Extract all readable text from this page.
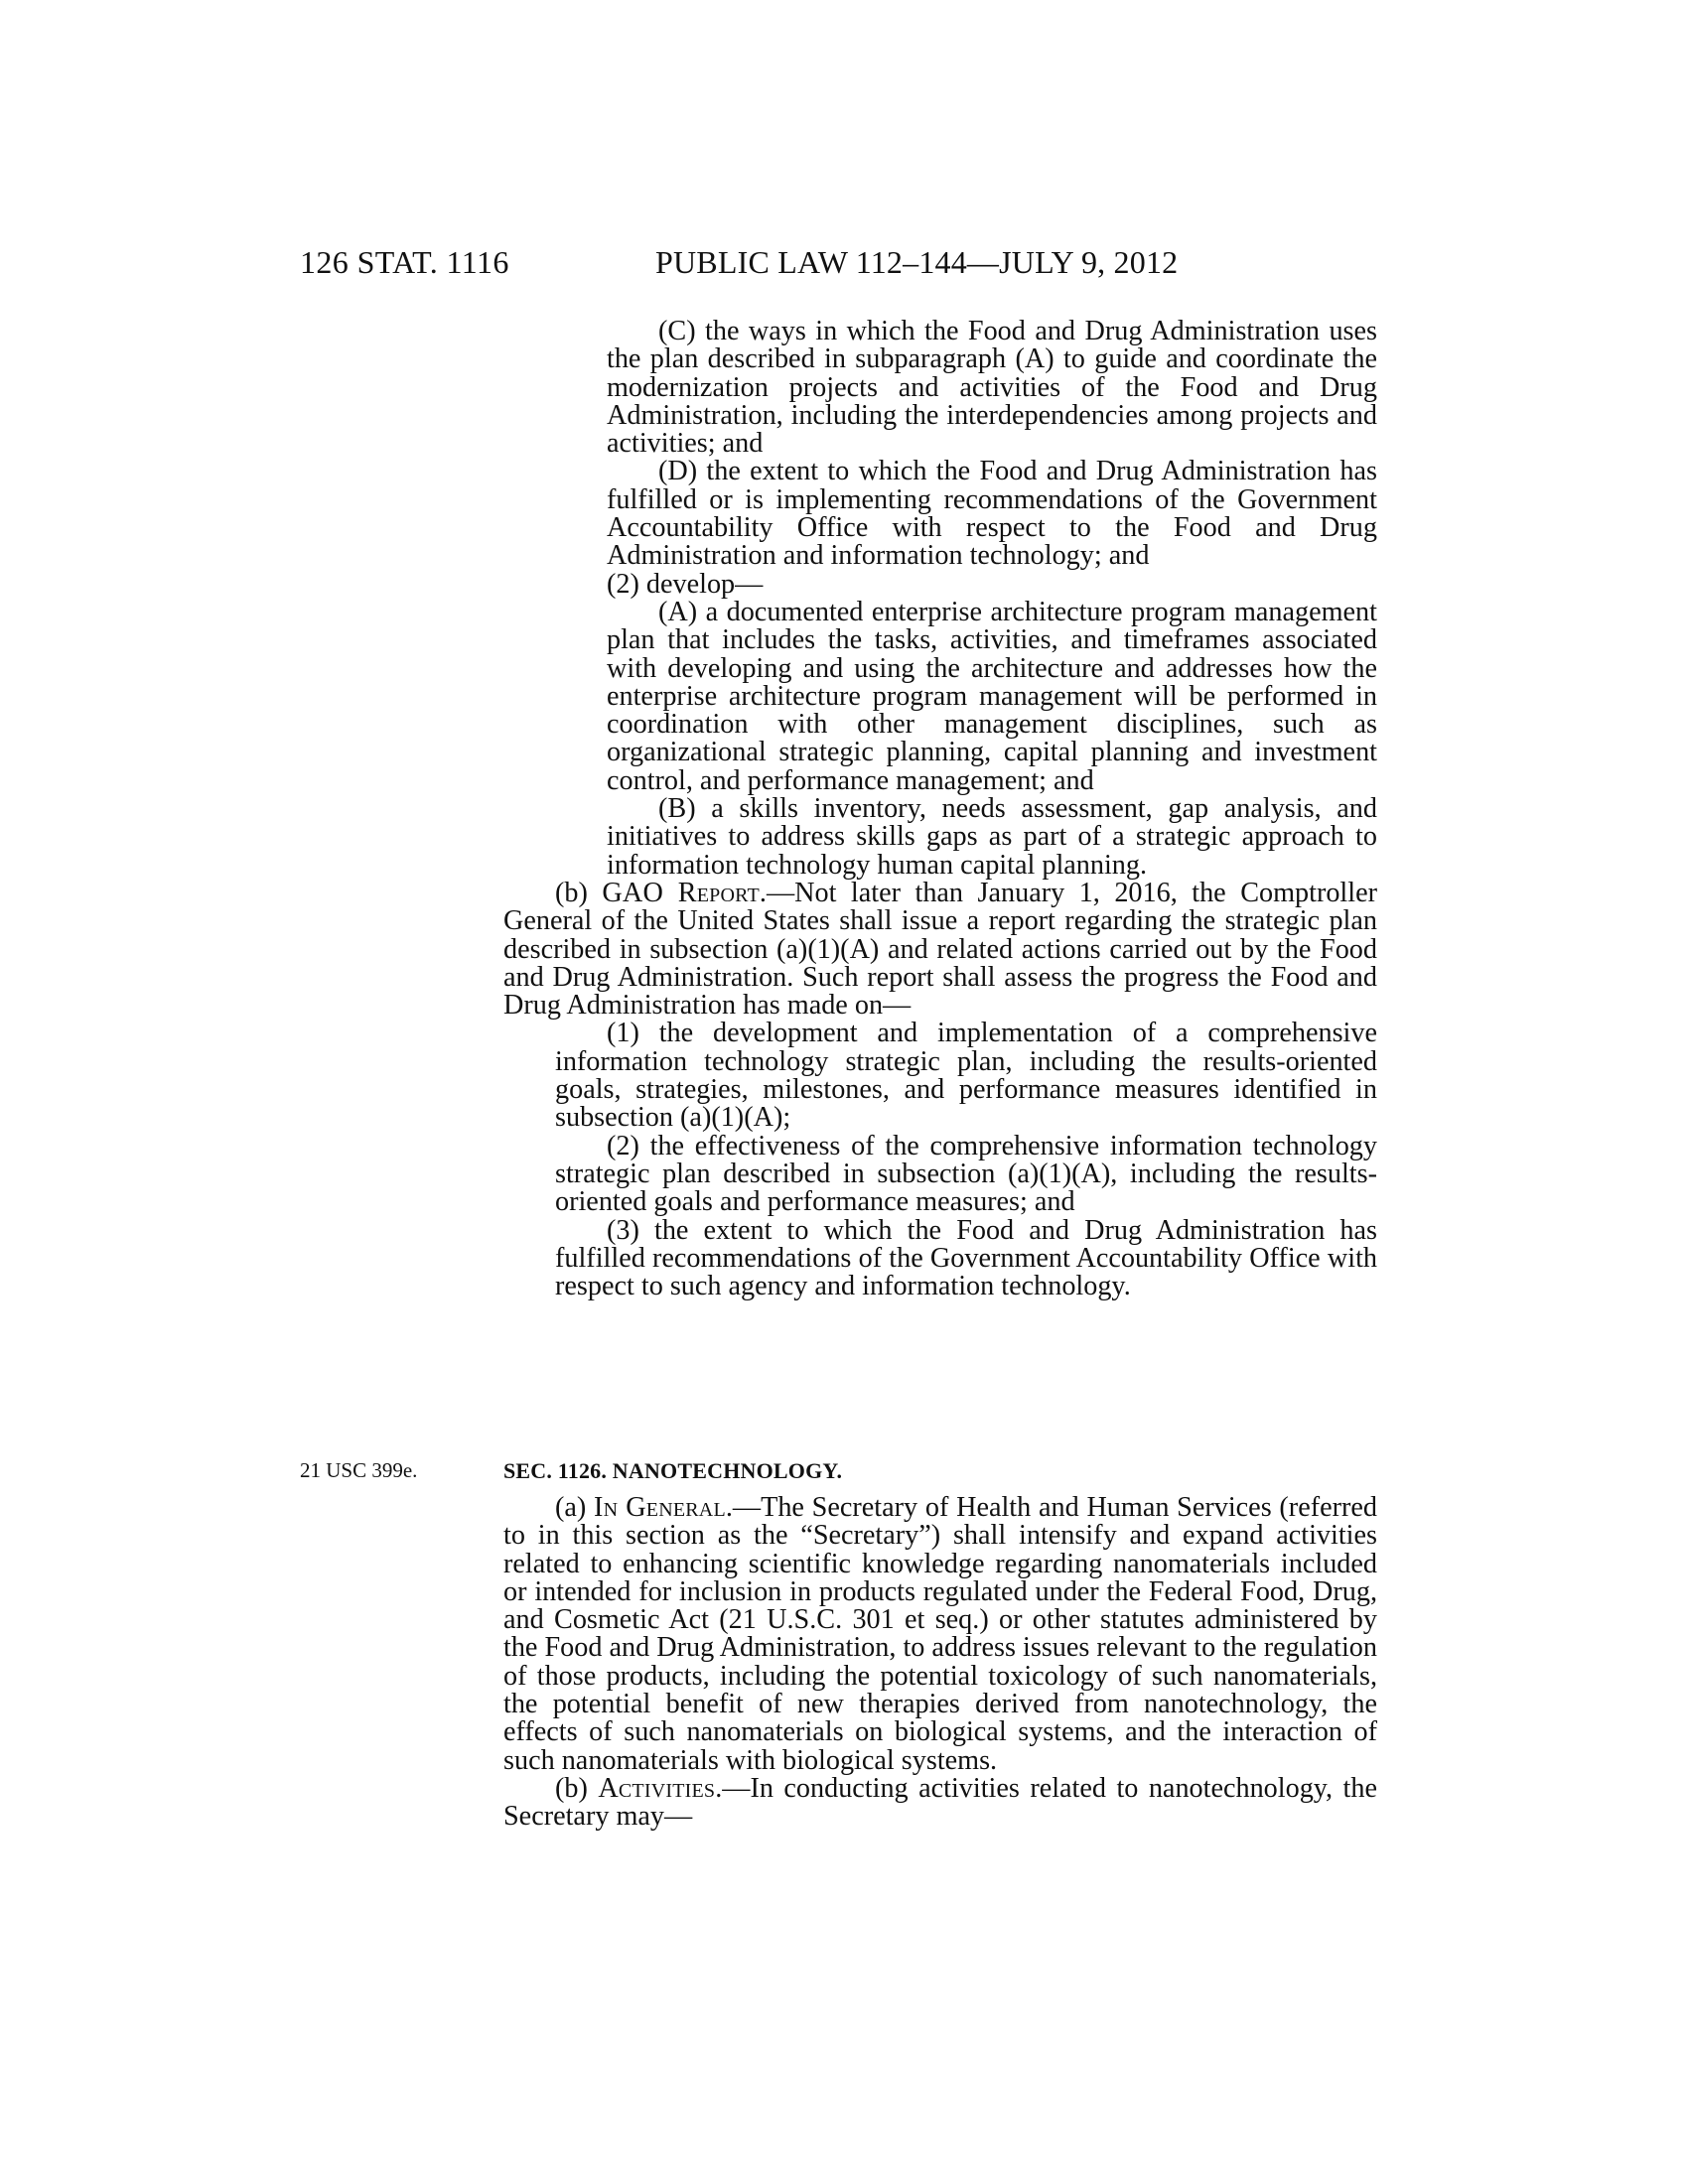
126 STAT. 1116	PUBLIC LAW 112–144—JULY 9, 2012

(C) the ways in which the Food and Drug Administration uses the plan described in subparagraph (A) to guide and coordinate the modernization projects and activities of the Food and Drug Administration, including the interdependencies among projects and activities; and

(D) the extent to which the Food and Drug Administration has fulfilled or is implementing recommendations of the Government Accountability Office with respect to the Food and Drug Administration and information technology; and

(2) develop—

(A) a documented enterprise architecture program management plan that includes the tasks, activities, and timeframes associated with developing and using the architecture and addresses how the enterprise architecture program management will be performed in coordination with other management disciplines, such as organizational strategic planning, capital planning and investment control, and performance management; and

(B) a skills inventory, needs assessment, gap analysis, and initiatives to address skills gaps as part of a strategic approach to information technology human capital planning.

(b) GAO Report.—Not later than January 1, 2016, the Comptroller General of the United States shall issue a report regarding the strategic plan described in subsection (a)(1)(A) and related actions carried out by the Food and Drug Administration. Such report shall assess the progress the Food and Drug Administration has made on—

(1) the development and implementation of a comprehensive information technology strategic plan, including the results-oriented goals, strategies, milestones, and performance measures identified in subsection (a)(1)(A);

(2) the effectiveness of the comprehensive information technology strategic plan described in subsection (a)(1)(A), including the results-oriented goals and performance measures; and

(3) the extent to which the Food and Drug Administration has fulfilled recommendations of the Government Accountability Office with respect to such agency and information technology.

21 USC 399e.	SEC. 1126. NANOTECHNOLOGY.

(a) In General.—The Secretary of Health and Human Services (referred to in this section as the “Secretary”) shall intensify and expand activities related to enhancing scientific knowledge regarding nanomaterials included or intended for inclusion in products regulated under the Federal Food, Drug, and Cosmetic Act (21 U.S.C. 301 et seq.) or other statutes administered by the Food and Drug Administration, to address issues relevant to the regulation of those products, including the potential toxicology of such nanomaterials, the potential benefit of new therapies derived from nanotechnology, the effects of such nanomaterials on biological systems, and the interaction of such nanomaterials with biological systems.

(b) Activities.—In conducting activities related to nanotechnology, the Secretary may—
